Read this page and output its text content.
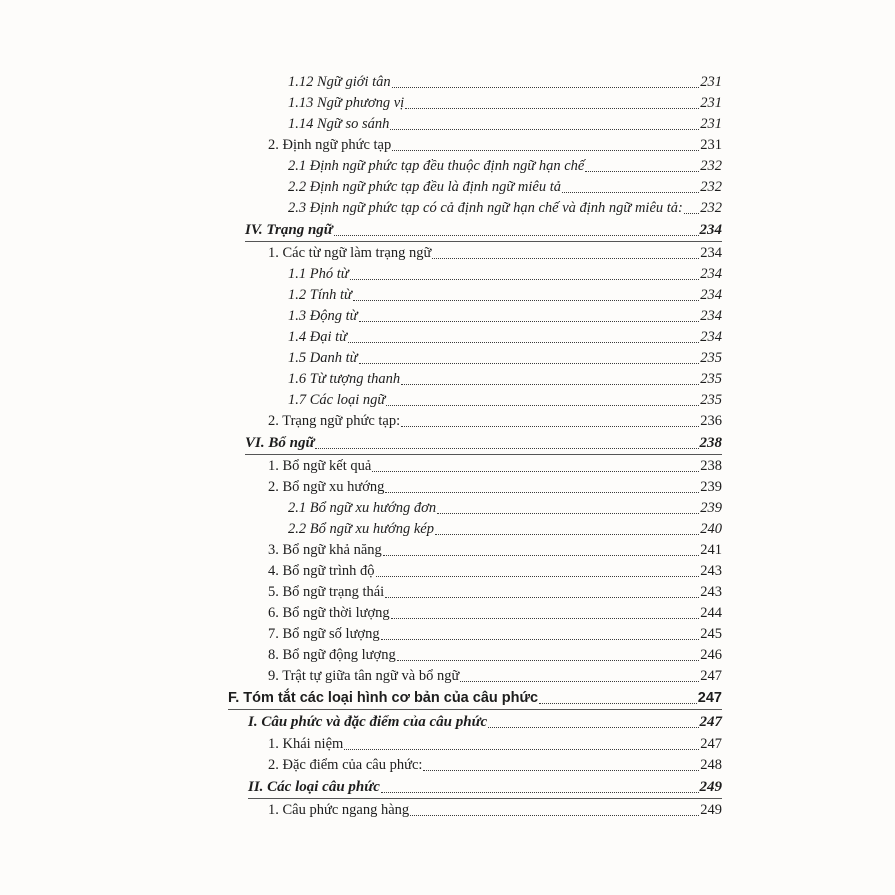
1.12 Ngữ giới tân	231
1.13 Ngữ phương vị	231
1.14 Ngữ so sánh	231
2. Định ngữ phức tạp	231
2.1 Định ngữ phức tạp đều thuộc định ngữ hạn chế	232
2.2 Định ngữ phức tạp đều là định ngữ miêu tả	232
2.3 Định ngữ phức tạp có cả định ngữ hạn chế và định ngữ miêu tả: 232
IV. Trạng ngữ	234
1. Các từ ngữ làm trạng ngữ	234
1.1 Phó từ	234
1.2 Tính từ	234
1.3 Động từ	234
1.4 Đại từ	234
1.5 Danh từ	235
1.6 Từ tượng thanh	235
1.7 Các loại ngữ	235
2. Trạng ngữ phức tạp:	236
VI. Bổ ngữ	238
1. Bổ ngữ kết quả	238
2. Bổ ngữ xu hướng	239
2.1 Bổ ngữ xu hướng đơn	239
2.2 Bổ ngữ xu hướng kép	240
3. Bổ ngữ khả năng	241
4. Bổ ngữ trình độ	243
5. Bổ ngữ trạng thái	243
6. Bổ ngữ thời lượng	244
7. Bổ ngữ số lượng	245
8. Bổ ngữ động lượng	246
9. Trật tự giữa tân ngữ và bổ ngữ	247
F. Tóm tắt các loại hình cơ bản của câu phức	247
I. Câu phức và đặc điểm của câu phức	247
1. Khái niệm	247
2. Đặc điểm của câu phức:	248
II. Các loại câu phức	249
1. Câu phức ngang hàng	249
